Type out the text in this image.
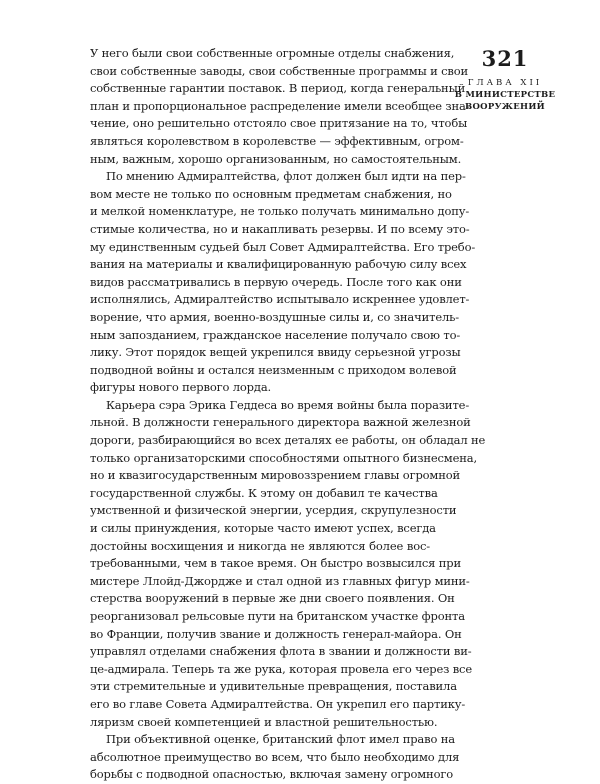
У него были свои собственные огромные отделы снабжения,
свои собственные заводы, свои собственные программы и свои
собственные гарантии поставок. В период, когда генеральный
план и пропорциональное распределение имели всеобщее зна-
чение, оно решительно отстояло свое притязание на то, чтобы
являться королевством в королевстве — эффективным, огром-
ным, важным, хорошо организованным, но самостоятельным.
По мнению Адмиралтейства, флот должен был идти на пер-
вом месте не только по основным предметам снабжения, но
и мелкой номенклатуре, не только получать минимально допу-
стимые количества, но и накапливать резервы. И по всему это-
му единственным судьей был Совет Адмиралтейства. Его требо-
вания на материалы и квалифицированную рабочую силу всех
видов рассматривались в первую очередь. После того как они
исполнялись, Адмиралтейство испытывало искреннее удовлет-
ворение, что армия, военно-воздушные силы и, со значитель-
ным запозданием, гражданское население получало свою то-
лику. Этот порядок вещей укрепился ввиду серьезной угрозы
подводной войны и остался неизменным с приходом волевой
фигуры нового первого лорда.
Карьера сэра Эрика Геддеса во время войны была поразите-
льной. В должности генерального директора важной железной
дороги, разбирающийся во всех деталях ее работы, он обладал не
только организаторскими способностями опытного бизнесмена,
но и квазигосударственным мировоззрением главы огромной
государственной службы. К этому он добавил те качества
умственной и физической энергии, усердия, скрупулезности
и силы принуждения, которые часто имеют успех, всегда
достойны восхищения и никогда не являются более вос-
требованными, чем в такое время. Он быстро возвысился при
мистере Ллойд-Джордже и стал одной из главных фигур мини-
стерства вооружений в первые же дни своего появления. Он
реорганизовал рельсовые пути на британском участке фронта
во Франции, получив звание и должность генерал-майора. Он
управлял отделами снабжения флота в звании и должности ви-
це-адмирала. Теперь та же рука, которая провела его через все
эти стремительные и удивительные превращения, поставила
его во главе Совета Адмиралтейства. Он укрепил его партику-
ляризм своей компетенцией и властной решительностью.
При объективной оценке, британский флот имел право на
абсолютное преимущество во всем, что было необходимо для
борьбы с подводной опасностью, включая замену огромного
321
ГЛАВА XII
В МИНИСТЕРСТВЕ
ВООРУЖЕНИЙ
